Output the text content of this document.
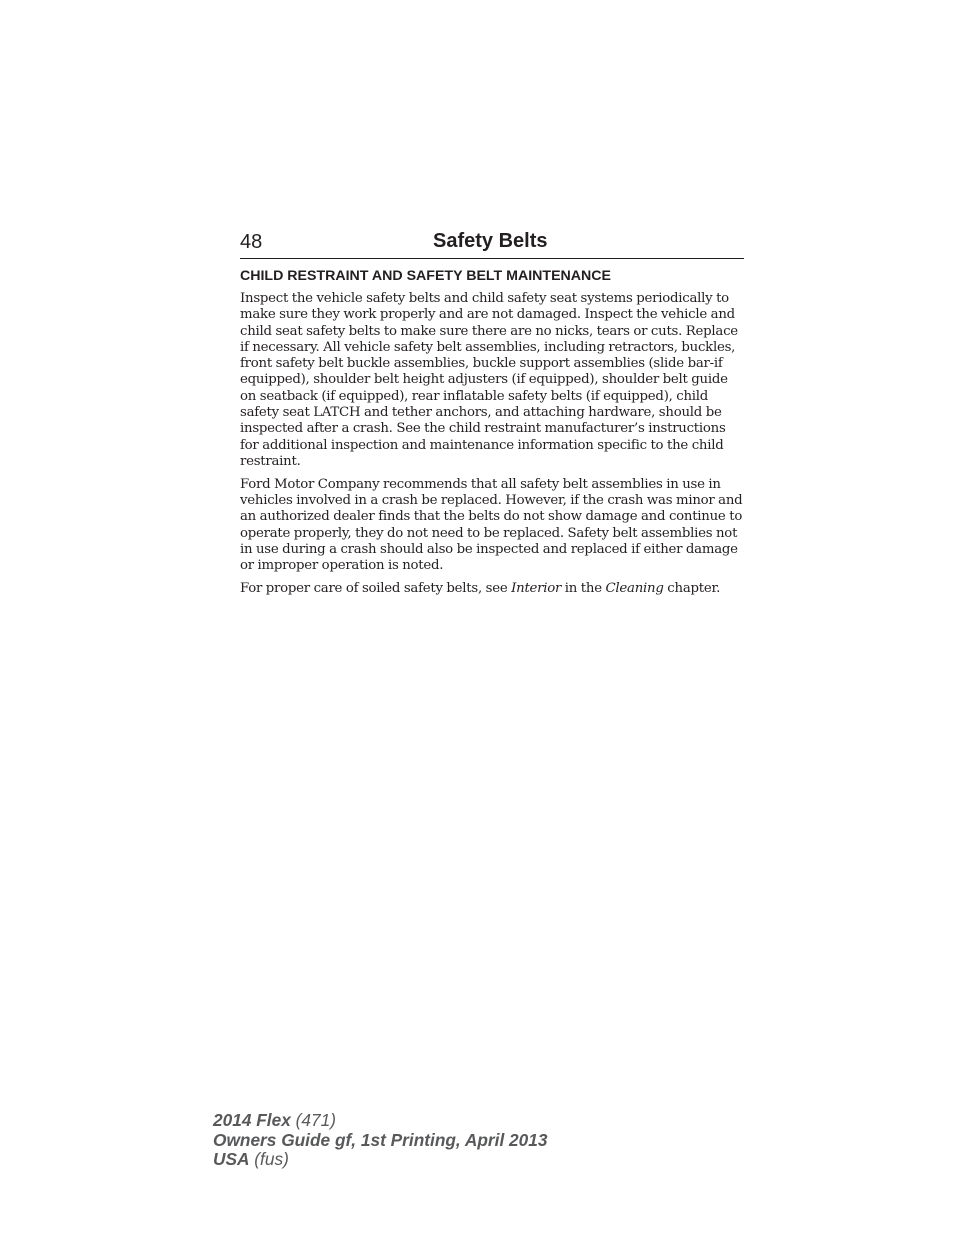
48	Safety Belts
CHILD RESTRAINT AND SAFETY BELT MAINTENANCE

Inspect the vehicle safety belts and child safety seat systems periodically to make sure they work properly and are not damaged. Inspect the vehicle and child seat safety belts to make sure there are no nicks, tears or cuts. Replace if necessary. All vehicle safety belt assemblies, including retractors, buckles, front safety belt buckle assemblies, buckle support assemblies (slide bar-if equipped), shoulder belt height adjusters (if equipped), shoulder belt guide on seatback (if equipped), rear inflatable safety belts (if equipped), child safety seat LATCH and tether anchors, and attaching hardware, should be inspected after a crash. See the child restraint manufacturer’s instructions for additional inspection and maintenance information specific to the child restraint.

Ford Motor Company recommends that all safety belt assemblies in use in vehicles involved in a crash be replaced. However, if the crash was minor and an authorized dealer finds that the belts do not show damage and continue to operate properly, they do not need to be replaced. Safety belt assemblies not in use during a crash should also be inspected and replaced if either damage or improper operation is noted.

For proper care of soiled safety belts, see Interior in the Cleaning chapter.

2014 Flex (471)
Owners Guide gf, 1st Printing, April 2013
USA (fus)
